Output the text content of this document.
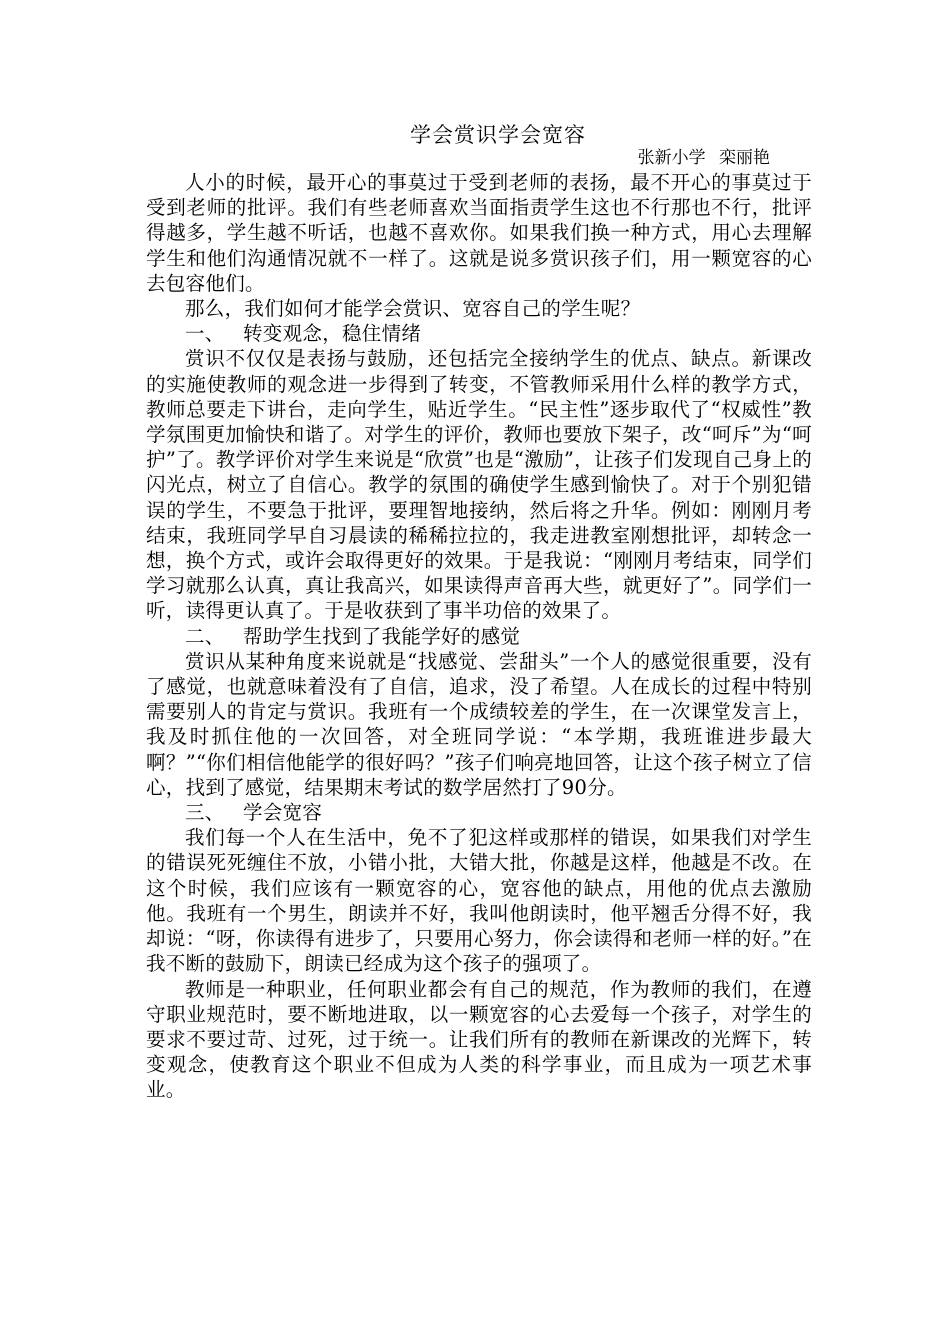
学会赏识学会宽容
张新小学 栾丽艳

人小的时候，最开心的事莫过于受到老师的表扬，最不开心的事莫过于受到老师的批评。我们有些老师喜欢当面指责学生这也不行那也不行，批评得越多，学生越不听话，也越不喜欢你。如果我们换一种方式，用心去理解学生和他们沟通情况就不一样了。这就是说多赏识孩子们，用一颗宽容的心去包容他们。

那么，我们如何才能学会赏识、宽容自己的学生呢？

一、 转变观念，稳住情绪

赏识不仅仅是表扬与鼓励，还包括完全接纳学生的优点、缺点。新课改的实施使教师的观念进一步得到了转变，不管教师采用什么样的教学方式，教师总要走下讲台，走向学生，贴近学生。“民主性”逐步取代了“权威性”教学氛围更加愉快和谐了。对学生的评价，教师也要放下架子，改“呵斥”为“呵护”了。教学评价对学生来说是“欣赏”也是“激励”，让孩子们发现自己身上的闪光点，树立了自信心。教学的氛围的确使学生感到愉快了。对于个别犯错误的学生，不要急于批评，要理智地接纳，然后将之升华。例如：刚刚月考结束，我班同学早自习晨读的稀稀拉拉的，我走进教室刚想批评，却转念一想，换个方式，或许会取得更好的效果。于是我说：“刚刚月考结束，同学们学习就那么认真，真让我高兴，如果读得声音再大些，就更好了”。同学们一听，读得更认真了。于是收获到了事半功倍的效果了。

二、 帮助学生找到了我能学好的感觉

赏识从某种角度来说就是“找感觉、尝甜头”一个人的感觉很重要，没有了感觉，也就意味着没有了自信，追求，没了希望。人在成长的过程中特别需要别人的肯定与赏识。我班有一个成绩较差的学生，在一次课堂发言上，我及时抓住他的一次回答，对全班同学说：“本学期，我班谁进步最大啊？”“你们相信他能学的很好吗？”孩子们响亮地回答，让这个孩子树立了信心，找到了感觉，结果期末考试的数学居然打了90分。

三、 学会宽容

我们每一个人在生活中，免不了犯这样或那样的错误，如果我们对学生的错误死死缠住不放，小错小批，大错大批，你越是这样，他越是不改。在这个时候，我们应该有一颗宽容的心，宽容他的缺点，用他的优点去激励他。我班有一个男生，朗读并不好，我叫他朗读时，他平翘舌分得不好，我却说：“呀，你读得有进步了，只要用心努力，你会读得和老师一样的好。”在我不断的鼓励下，朗读已经成为这个孩子的强项了。

教师是一种职业，任何职业都会有自己的规范，作为教师的我们，在遵守职业规范时，要不断地进取，以一颗宽容的心去爱每一个孩子，对学生的要求不要过苛、过死，过于统一。让我们所有的教师在新课改的光辉下，转变观念，使教育这个职业不但成为人类的科学事业，而且成为一项艺术事业。
